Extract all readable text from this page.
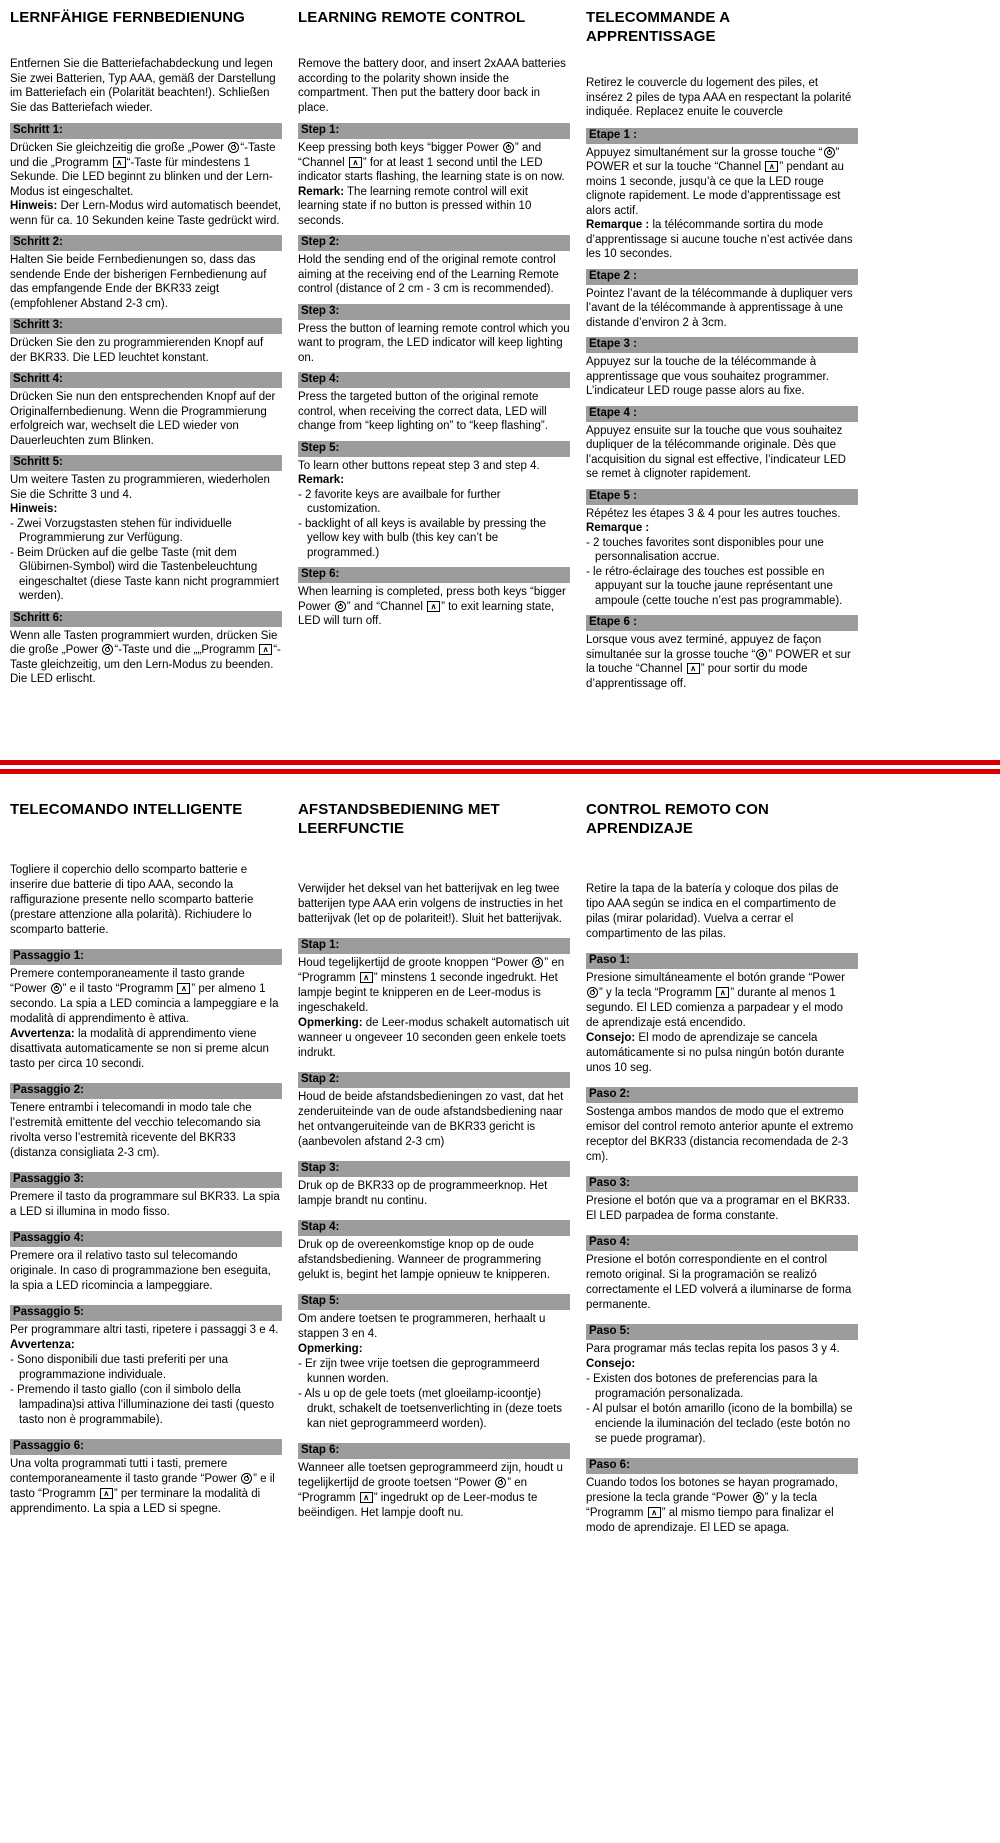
LERNFÄHIGE FERNBEDIENUNG

Entfernen Sie die Batteriefachabdeckung und legen Sie zwei Batterien, Typ AAA, gemäß der Darstellung im Batteriefach ein (Polarität beachten!). Schließen Sie das Batteriefach wieder.

Schritt 1:
Drücken Sie gleichzeitig die große „Power “-Taste und die „Programm ∧“-Taste für mindestens 1 Sekunde. Die LED beginnt zu blinken und der Lern-Modus ist eingeschaltet.
Hinweis: Der Lern-Modus wird automatisch beendet, wenn für ca. 10 Sekunden keine Taste gedrückt wird.
Schritt 2:
Halten Sie beide Fernbedienungen so, dass das sendende Ende der bisherigen Fernbedienung auf das empfangende Ende der BKR33 zeigt (empfohlener Abstand 2-3 cm).
Schritt 3:
Drücken Sie den zu programmierenden Knopf auf der BKR33. Die LED leuchtet konstant.
Schritt 4:
Drücken Sie nun den entsprechenden Knopf auf der Originalfernbedienung. Wenn die Programmierung erfolgreich war, wechselt die LED wieder von Dauerleuchten zum Blinken.
Schritt 5:
Um weitere Tasten zu programmieren, wiederholen Sie die Schritte 3 und 4.
Hinweis:
- Zwei Vorzugstasten stehen für individuelle Programmierung zur Verfügung.
- Beim Drücken auf die gelbe Taste (mit dem Glübirnen-Symbol) wird die Tastenbeleuchtung eingeschaltet (diese Taste kann nicht programmiert werden).
Schritt 6:
Wenn alle Tasten programmiert wurden, drücken Sie die große „Power “-Taste und die „„Programm ∧“-Taste gleichzeitig, um den Lern-Modus zu beenden. Die LED erlischt.
LEARNING REMOTE CONTROL

Remove the battery door, and insert 2xAAA batteries according to the polarity shown inside the compartment. Then put the battery door back in place.

Step 1:
Keep pressing both keys “bigger Power ” and “Channel ∧” for at least 1 second until the LED indicator starts flashing, the learning state is on now.
Remark: The learning remote control will exit learning state if no button is pressed within 10 seconds.
Step 2:
Hold the sending end of the original remote control aiming at the receiving end of the Learning Remote control (distance of 2 cm - 3 cm is recommended).
Step 3:
Press the button of learning remote control which you want to program, the LED indicator will keep lighting on.
Step 4:
Press the targeted button of the original remote control, when receiving the correct data, LED will change from “keep lighting on” to “keep flashing”.
Step 5:
To learn other buttons repeat step 3 and step 4.
Remark:
- 2 favorite keys are availbale for further customization.
- backlight of all keys is available by pressing the yellow key with bulb (this key can’t be programmed.)
Step 6:
When learning is completed, press both keys “bigger Power ” and “Channel ∧” to exit learning state, LED will turn off.
TELECOMMANDE A APPRENTISSAGE

Retirez le couvercle du logement des piles, et insérez 2 piles de typa AAA en respectant la polarité indiquée. Replacez enuite le couvercle

Etape 1 :
Appuyez simultanément sur la grosse touche “ ” POWER et sur la touche “Channel ∧” pendant au moins 1 seconde, jusqu’à ce que la LED rouge clignote rapidement. Le mode d’apprentissage est alors actif.
Remarque : la télécommande sortira du mode d’apprentissage si aucune touche n’est activée dans les 10 secondes.
Etape 2 :
Pointez l’avant de la télécommande à dupliquer vers l’avant de la télécommande à apprentissage à une distande d’environ 2 à 3cm.
Etape 3 :
Appuyez sur la touche de la télécommande à apprentissage que vous souhaitez programmer. L’indicateur LED rouge passe alors au fixe.
Etape 4 :
Appuyez ensuite sur la touche que vous souhaitez dupliquer de la télécommande originale. Dès que l’acquisition du signal est effective, l’indicateur LED se remet à clignoter rapidement.
Etape 5 :
Répétez les étapes 3 & 4 pour les autres touches.
Remarque :
- 2 touches favorites sont disponibles pour une personnalisation accrue.
- le rétro-éclairage des touches est possible en appuyant sur la touche jaune représentant une ampoule (cette touche n’est pas programmable).
Etape 6 :
Lorsque vous avez terminé, appuyez de façon simultanée sur la grosse touche “ ” POWER et sur la touche “Channel ∧” pour sortir du mode d’apprentissage off.
TELECOMANDO INTELLIGENTE

Togliere il coperchio dello scomparto batterie e inserire due batterie di tipo AAA, secondo la raffigurazione presente nello scomparto batterie (prestare attenzione alla polarità). Richiudere lo scomparto batterie.

Passaggio 1:
Premere contemporaneamente il tasto grande “Power ” e il tasto “Programm ∧” per almeno 1 secondo. La spia a LED comincia a lampeggiare e la modalità di apprendimento è attiva.
Avvertenza: la modalità di apprendimento viene disattivata automaticamente se non si preme alcun tasto per circa 10 secondi.
Passaggio 2:
Tenere entrambi i telecomandi in modo tale che l’estremità emittente del vecchio telecomando sia rivolta verso l’estremità ricevente del BKR33 (distanza consigliata 2-3 cm).
Passaggio 3:
Premere il tasto da programmare sul BKR33. La spia a LED si illumina in modo fisso.
Passaggio 4:
Premere ora il relativo tasto sul telecomando originale. In caso di programmazione ben eseguita, la spia a LED ricomincia a lampeggiare.
Passaggio 5:
Per programmare altri tasti, ripetere i passaggi 3 e 4.
Avvertenza:
- Sono disponibili due tasti preferiti per una programmazione individuale.
- Premendo il tasto giallo (con il simbolo della lampadina)si attiva l’illuminazione dei tasti (questo tasto non è programmabile).
Passaggio 6:
Una volta programmati tutti i tasti, premere contemporaneamente il tasto grande “Power ” e il tasto “Programm ∧” per terminare la modalità di apprendimento. La spia a LED si spegne.
AFSTANDSBEDIENING MET LEERFUNCTIE

Verwijder het deksel van het batterijvak en leg twee batterijen type AAA erin volgens de instructies in het batterijvak (let op de polariteit!). Sluit het batterijvak.

Stap 1:
Houd tegelijkertijd de groote knoppen “Power ” en “Programm ∧” minstens 1 seconde ingedrukt. Het lampje begint te knipperen en de Leer-modus is ingeschakeld.
Opmerking: de Leer-modus schakelt automatisch uit wanneer u ongeveer 10 seconden geen enkele toets indrukt.
Stap 2:
Houd de beide afstandsbedieningen zo vast, dat het zenderuiteinde van de oude afstandsbediening naar het ontvangeruiteinde van de BKR33 gericht is (aanbevolen afstand 2-3 cm)
Stap 3:
Druk op de BKR33 op de programmeerknop. Het lampje brandt nu continu.
Stap 4:
Druk op de overeenkomstige knop op de oude afstandsbediening. Wanneer de programmering gelukt is, begint het lampje opnieuw te knipperen.
Stap 5:
Om andere toetsen te programmeren, herhaalt u stappen 3 en 4.
Opmerking:
- Er zijn twee vrije toetsen die geprogrammeerd kunnen worden.
- Als u op de gele toets (met gloeilamp-icoontje) drukt, schakelt de toetsenverlichting in (deze toets kan niet geprogrammeerd worden).
Stap 6:
Wanneer alle toetsen geprogrammeerd zijn, houdt u tegelijkertijd de groote toetsen “Power ” en “Programm ∧” ingedrukt op de Leer-modus te beëindigen. Het lampje dooft nu.
CONTROL REMOTO CON APRENDIZAJE

Retire la tapa de la batería y coloque dos pilas de tipo AAA según se indica en el compartimento de pilas (mirar polaridad). Vuelva a cerrar el compartimento de las pilas.

Paso 1:
Presione simultáneamente el botón grande “Power ” y la tecla “Programm ∧” durante al menos 1 segundo. El LED comienza a parpadear y el modo de aprendizaje está encendido.
Consejo: El modo de aprendizaje se cancela automáticamente si no pulsa ningún botón durante unos 10 seg.
Paso 2:
Sostenga ambos mandos de modo que el extremo emisor del control remoto anterior apunte el extremo receptor del BKR33 (distancia recomendada de 2-3 cm).
Paso 3:
Presione el botón que va a programar en el BKR33. El LED parpadea de forma constante.
Paso 4:
Presione el botón correspondiente en el control remoto original. Si la programación se realizó correctamente el LED volverá a iluminarse de forma permanente.
Paso 5:
Para programar más teclas repita los pasos 3 y 4.
Consejo:
- Existen dos botones de preferencias para la programación personalizada.
- Al pulsar el botón amarillo (icono de la bombilla) se enciende la iluminación del teclado (este botón no se puede programar).
Paso 6:
Cuando todos los botones se hayan programado, presione la tecla grande “Power ” y la tecla “Programm ∧” al mismo tiempo para finalizar el modo de aprendizaje. El LED se apaga.
